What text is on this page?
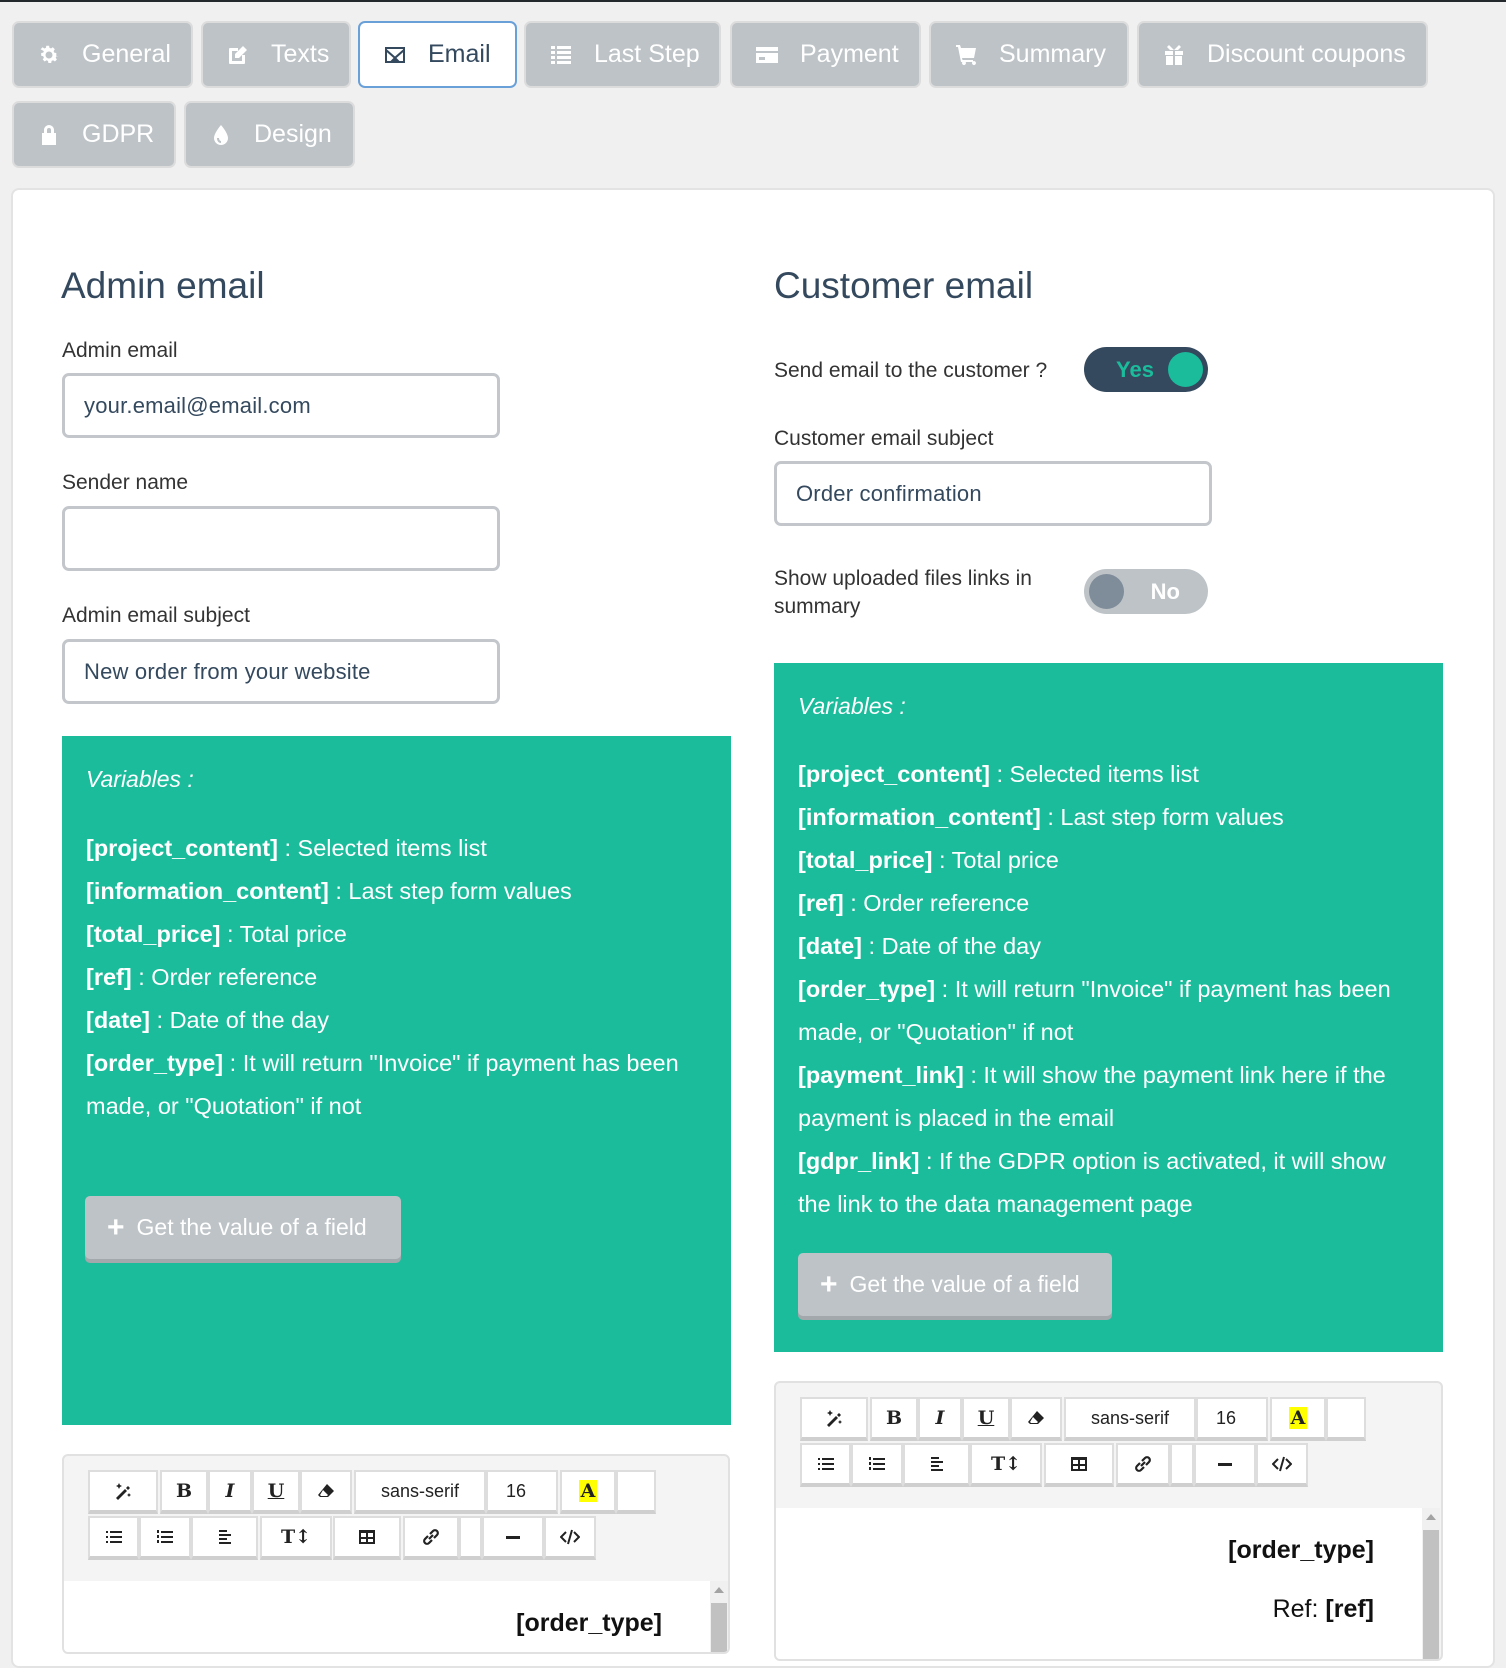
General	Texts	Email	Last Step	Payment	Summary	Discount coupons
GDPR	Design
Admin email
Admin email
your.email@email.com
Sender name
Admin email subject
New order from your website
Variables :
[project_content] : Selected items list
[information_content] : Last step form values
[total_price] : Total price
[ref] : Order reference
[date] : Date of the day
[order_type] : It will return "Invoice" if payment has been made, or "Quotation" if not
+ Get the value of a field
B	I	U	sans-serif	16	A
T↕
[order_type]
Customer email
Send email to the customer ?	Yes
Customer email subject
Order confirmation
Show uploaded files links in summary
No
Variables :
[project_content] : Selected items list
[information_content] : Last step form values
[total_price] : Total price
[ref] : Order reference
[date] : Date of the day
[order_type] : It will return "Invoice" if payment has been made, or "Quotation" if not
[payment_link] : It will show the payment link here if the payment is placed in the email
[gdpr_link] : If the GDPR option is activated, it will show the link to the data management page
+ Get the value of a field
B	I	U	sans-serif	16	A
T↕
[order_type]
Ref: [ref]
